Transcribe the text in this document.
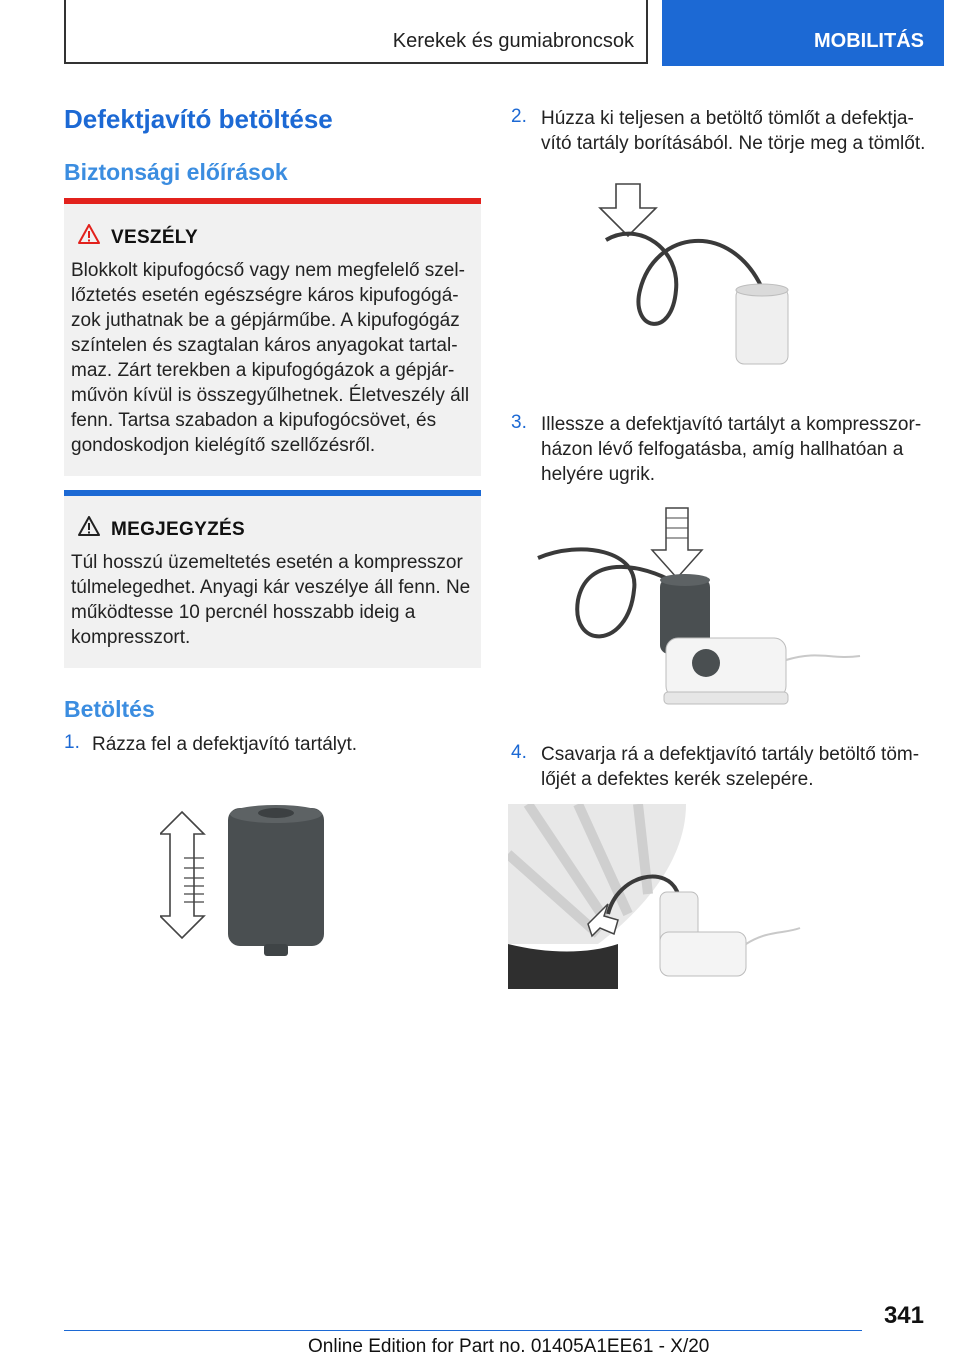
Kerekek és gumiabroncsok	MOBILITÁS
Defektjavító betöltése
Biztonsági előírások
VESZÉLY
Blokkolt kipufogócső vagy nem megfelelő szel-
lőztetés esetén egészségre káros kipufogógá-
zok juthatnak be a gépjárműbe. A kipufogógáz
színtelen és szagtalan káros anyagokat tartal-
maz. Zárt terekben a kipufogógázok a gépjár-
művön kívül is összegyűlhetnek. Életveszély áll
fenn. Tartsa szabadon a kipufogócsövet, és
gondoskodjon kielégítő szellőzésről.
MEGJEGYZÉS
Túl hosszú üzemeltetés esetén a kompresszor
túlmelegedhet. Anyagi kár veszélye áll fenn. Ne
működtesse 10 percnél hosszabb ideig a
kompresszort.
Betöltés
1. Rázza fel a defektjavító tartályt.
2. Húzza ki teljesen a betöltő tömlőt a defektja-
vító tartály borításából. Ne törje meg a tömlőt.
3. Illessze a defektjavító tartályt a kompresszor-
házon lévő felfogatásba, amíg hallhatóan a
helyére ugrik.
4. Csavarja rá a defektjavító tartály betöltő töm-
lőjét a defektes kerék szelepére.
341
Online Edition for Part no. 01405A1EE61 - X/20
